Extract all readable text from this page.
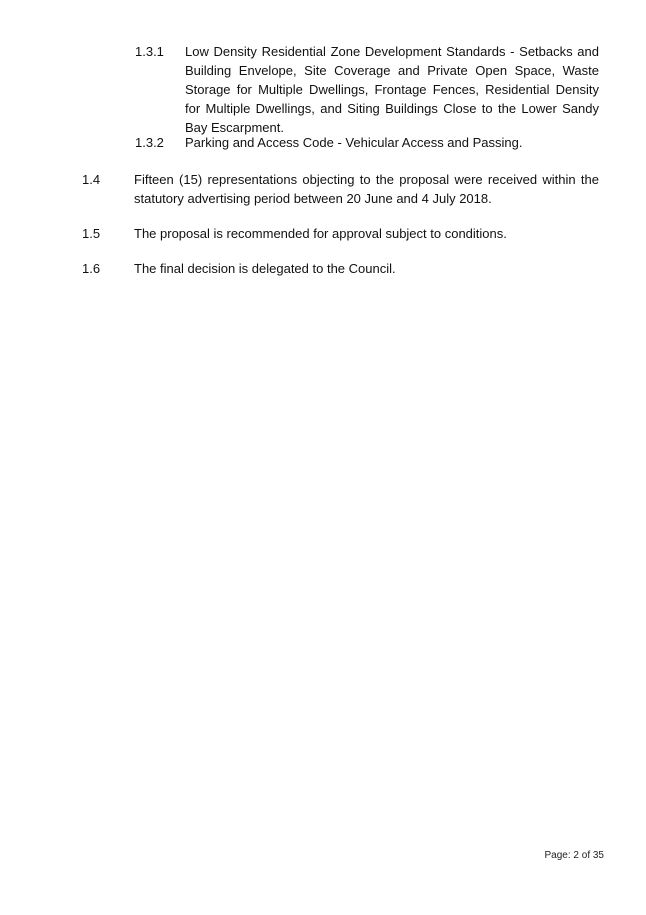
1.3.1 Low Density Residential Zone Development Standards - Setbacks and Building Envelope, Site Coverage and Private Open Space, Waste Storage for Multiple Dwellings, Frontage Fences, Residential Density for Multiple Dwellings, and Siting Buildings Close to the Lower Sandy Bay Escarpment.
1.3.2 Parking and Access Code - Vehicular Access and Passing.
1.4	Fifteen (15) representations objecting to the proposal were received within the statutory advertising period between 20 June and 4 July 2018.
1.5	The proposal is recommended for approval subject to conditions.
1.6	The final decision is delegated to the Council.
Page: 2 of 35
